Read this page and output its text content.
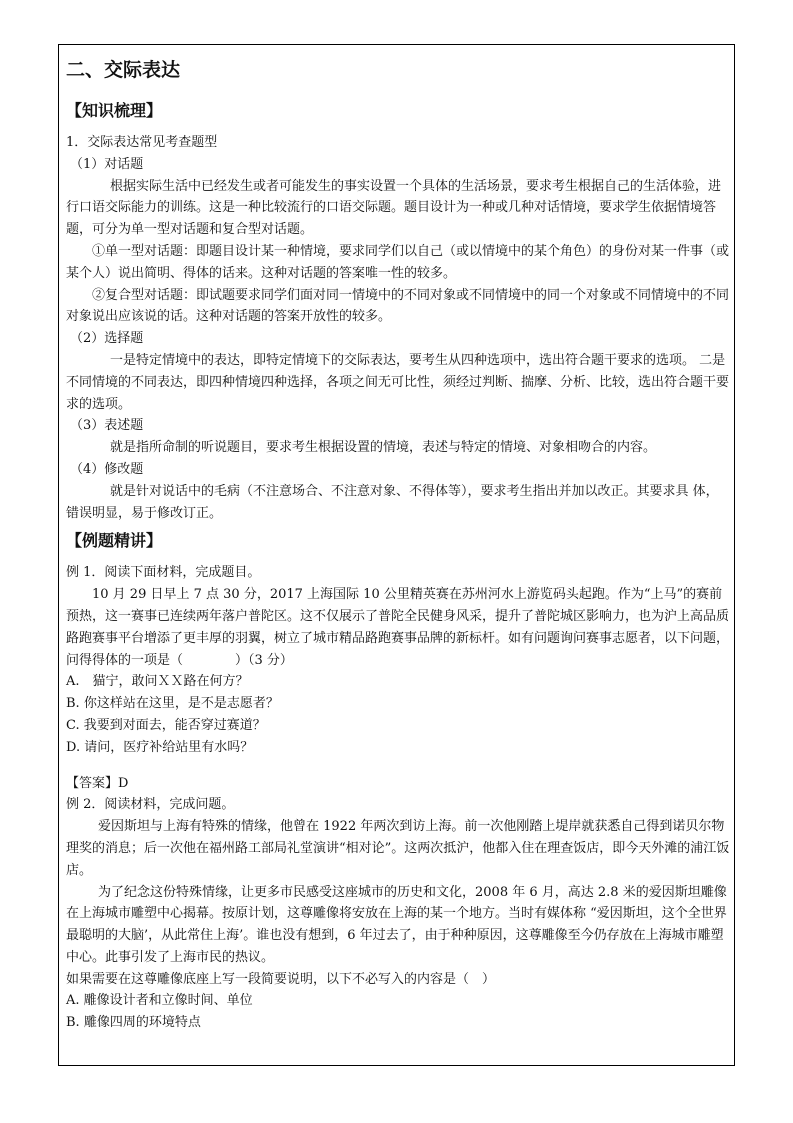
二、交际表达
【知识梳理】

1．交际表达常见考查题型

（1）对话题

根据实际生活中已经发生或者可能发生的事实设置一个具体的生活场景，要求考生根据自己的生活体验，进行口语交际能力的训练。这是一种比较流行的口语交际题。题目设计为一种或几种对话情境，要求学生依据情境答题，可分为单一型对话题和复合型对话题。

①单一型对话题：即题目设计某一种情境，要求同学们以自己（或以情境中的某个角色）的身份对某一件事（或某个人）说出简明、得体的话来。这种对话题的答案唯一性的较多。

②复合型对话题：即试题要求同学们面对同一情境中的不同对象或不同情境中的同一个对象或不同情境中的不同对象说出应该说的话。这种对话题的答案开放性的较多。

（2）选择题

一是特定情境中的表达，即特定情境下的交际表达，要考生从四种选项中，选出符合题干要求的选项。 二是不同情境的不同表达，即四种情境四种选择，各项之间无可比性，须经过判断、揣摩、分析、比较，选出符合题干要求的选项。

（3）表述题

就是指所命制的听说题目，要求考生根据设置的情境，表述与特定的情境、对象相吻合的内容。

（4）修改题

就是针对说话中的毛病（不注意场合、不注意对象、不得体等），要求考生指出并加以改正。其要求具 体，错误明显，易于修改订正。

【例题精讲】

例 1．阅读下面材料，完成题目。

10 月 29 日早上 7 点 30 分，2017 上海国际 10 公里精英赛在苏州河水上游览码头起跑。作为“上马”的赛前预热，这一赛事已连续两年落户普陀区。这不仅展示了普陀全民健身风采，提升了普陀城区影响力，也为沪上高品质路跑赛事平台增添了更丰厚的羽翼，树立了城市精品路跑赛事品牌的新标杆。如有问题询问赛事志愿者，以下问题，问得得体的一项是（　　　　）（3 分）

A.　猫宁，敢问ＸＸ路在何方？

B. 你这样站在这里，是不是志愿者？

C. 我要到对面去，能否穿过赛道？

D. 请问，医疗补给站里有水吗？

【答案】D

例 2．阅读材料，完成问题。

爱因斯坦与上海有特殊的情缘，他曾在 1922 年两次到访上海。前一次他刚踏上堤岸就获悉自己得到诺贝尔物理奖的消息；后一次他在福州路工部局礼堂演讲“相对论”。这两次抵沪，他都入住在理查饭店，即今天外滩的浦江饭店。

为了纪念这份特殊情缘，让更多市民感受这座城市的历史和文化，2008 年 6 月，高达 2.8 米的爱因斯坦雕像在上海城市雕塑中心揭幕。按原计划，这尊雕像将安放在上海的某一个地方。当时有媒体称 “爱因斯坦，这个全世界最聪明的大脑’，从此常住上海’。谁也没有想到，6 年过去了，由于种种原因，这尊雕像至今仍存放在上海城市雕塑中心。此事引发了上海市民的热议。

如果需要在这尊雕像底座上写一段简要说明，以下不必写入的内容是（　）

A. 雕像设计者和立像时间、单位

B. 雕像四周的环境特点
